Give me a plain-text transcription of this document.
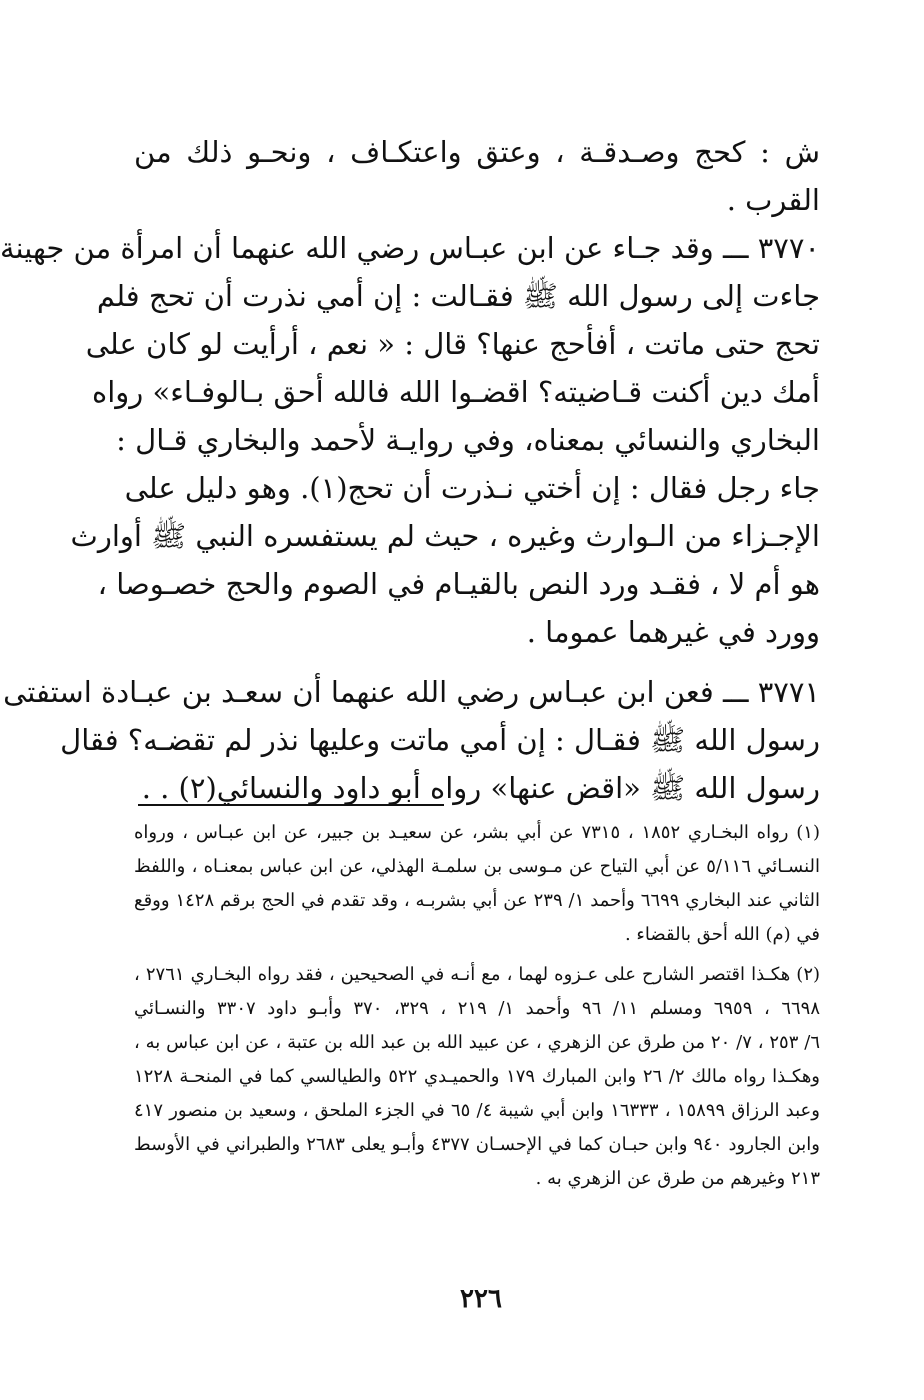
ش : كحج وصـدقـة ، وعتق واعتكـاف ، ونحـو ذلك من
القرب .
٣٧٧٠ ـــ وقد جـاء عن ابن عبـاس رضي الله عنهما أن امرأة من جهينة
جاءت إلى رسول الله ﷺ فقـالت : إن أمي نذرت أن تحج فلم
تحج حتى ماتت ، أفأحج عنها؟ قال : « نعم ، أرأيت لو كان على
أمك دين أكنت قـاضيته؟ اقضـوا الله فالله أحق بـالوفـاء» رواه
البخاري والنسائي بمعناه، وفي روايـة لأحمد والبخاري قـال :
جاء رجل فقال : إن أختي نـذرت أن تحج(١). وهو دليل على
الإجـزاء من الـوارث وغيره ، حيث لم يستفسره النبي ﷺ أوارث
هو أم لا ، فقـد ورد النص بالقيـام في الصوم والحج خصـوصا ،
وورد في غيرهما عموما .
٣٧٧١ ـــ فعن ابن عبـاس رضي الله عنهما أن سعـد بن عبـادة استفتى
رسول الله ﷺ فقـال : إن أمي ماتت وعليها نذر لم تقضـه؟ فقال
رسول الله ﷺ «اقض عنها» رواه أبو داود والنسائي(٢) . .
(١) رواه البخـاري ١٨٥٢ ، ٧٣١٥ عن أبي بشر، عن سعيـد بن جبير، عن ابن عبـاس ، ورواه
النسـائي ٥/١١٦ عن أبي التياح عن مـوسى بن سلمـة الهذلي، عن ابن عباس بمعنـاه ، واللفظ
الثاني عند البخاري ٦٦٩٩ وأحمد ١/ ٢٣٩ عن أبي بشربـه ، وقد تقدم في الحج برقم ١٤٢٨ ووقع
في (م) الله أحق بالقضاء .
(٢) هكـذا اقتصر الشارح على عـزوه لهما ، مع أنـه في الصحيحين ، فقد رواه البخـاري ٢٧٦١ ،
٦٦٩٨ ، ٦٩٥٩ ومسلم ١١/ ٩٦ وأحمد ١/ ٢١٩ ، ٣٢٩، ٣٧٠ وأبـو داود ٣٣٠٧ والنسـائي
٦/ ٢٥٣ ، ٧/ ٢٠ من طرق عن الزهري ، عن عبيد الله بن عبد الله بن عتبة ، عن ابن عباس به ،
وهكـذا رواه مالك ٢/ ٢٦ وابن المبارك ١٧٩ والحميـدي ٥٢٢ والطيالسي كما في المنحـة ١٢٢٨
وعبد الرزاق ١٥٨٩٩ ، ١٦٣٣٣ وابن أبي شيبة ٤/ ٦٥ في الجزء الملحق ، وسعيد بن منصور ٤١٧
وابن الجارود ٩٤٠ وابن حبـان كما في الإحسـان ٤٣٧٧ وأبـو يعلى ٢٦٨٣ والطبراني في الأوسط
٢١٣ وغيرهم من طرق عن الزهري به .
٢٢٦
